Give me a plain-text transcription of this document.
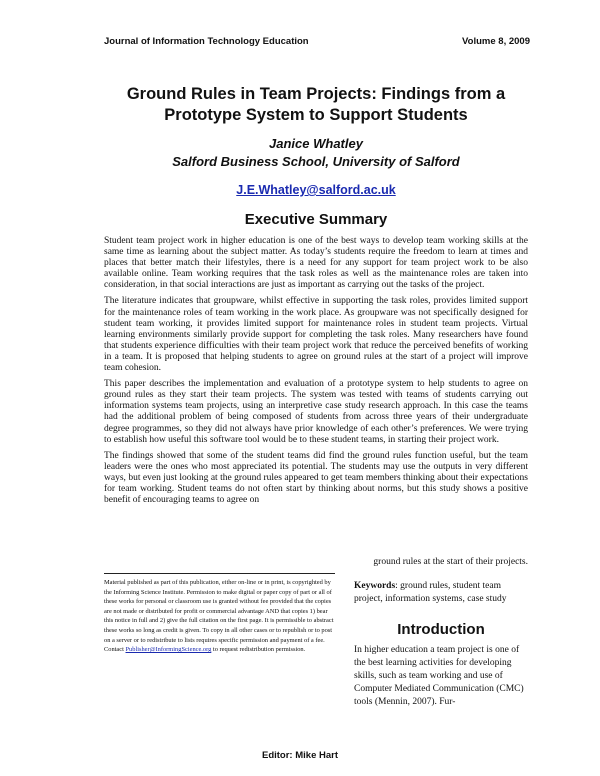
Journal of Information Technology Education	Volume 8, 2009
Ground Rules in Team Projects: Findings from a
Prototype System to Support Students
Janice Whatley
Salford Business School, University of Salford
J.E.Whatley@salford.ac.uk
Executive Summary

Student team project work in higher education is one of the best ways to develop team working skills at the same time as learning about the subject matter. As today’s students require the freedom to learn at times and places that better match their lifestyles, there is a need for any support for team project work to be also available online. Team working requires that the task roles as well as the maintenance roles are taken into consideration, in that social interactions are just as important as carrying out the tasks of the project.

The literature indicates that groupware, whilst effective in supporting the task roles, provides limited support for the maintenance roles of team working in the work place. As groupware was not specifically designed for student team working, it provides limited support for maintenance roles in student team projects. Virtual learning environments similarly provide support for completing the task roles. Many researchers have found that students experience difficulties with their team project work that reduce the perceived benefits of working in a team. It is proposed that helping students to agree on ground rules at the start of a project will improve team cohesion.

This paper describes the implementation and evaluation of a prototype system to help students to agree on ground rules as they start their team projects. The system was tested with teams of students carrying out information systems team projects, using an interpretive case study research approach. In this case the teams had the additional problem of being composed of students from across three years of their undergraduate degree programmes, so they did not always have prior knowledge of each other’s preferences. We were trying to establish how useful this software tool would be to these student teams, in starting their project work.

The findings showed that some of the student teams did find the ground rules function useful, but the team leaders were the ones who most appreciated its potential. The students may use the outputs in very different ways, but even just looking at the ground rules appeared to get team members thinking about their expectations for team working. Student teams do not often start by thinking about norms, but this study shows a positive benefit of encouraging teams to agree on

ground rules at the start of their projects.
Material published as part of this publication, either on-line or in print, is copyrighted by the Informing Science Institute. Permission to make digital or paper copy of part or all of these works for personal or classroom use is granted without fee provided that the copies are not made or distributed for profit or commercial advantage AND that copies 1) bear this notice in full and 2) give the full citation on the first page. It is permissible to abstract these works so long as credit is given. To copy in all other cases or to republish or to post on a server or to redistribute to lists requires specific permission and payment of a fee. Contact Publisher@InformingScience.org to request redistribution permission.
Keywords: ground rules, student team project, information systems, case study
Introduction
In higher education a team project is one of the best learning activities for developing skills, such as team working and use of Computer Mediated Communication (CMC) tools (Mennin, 2007). Fur-
Editor: Mike Hart
